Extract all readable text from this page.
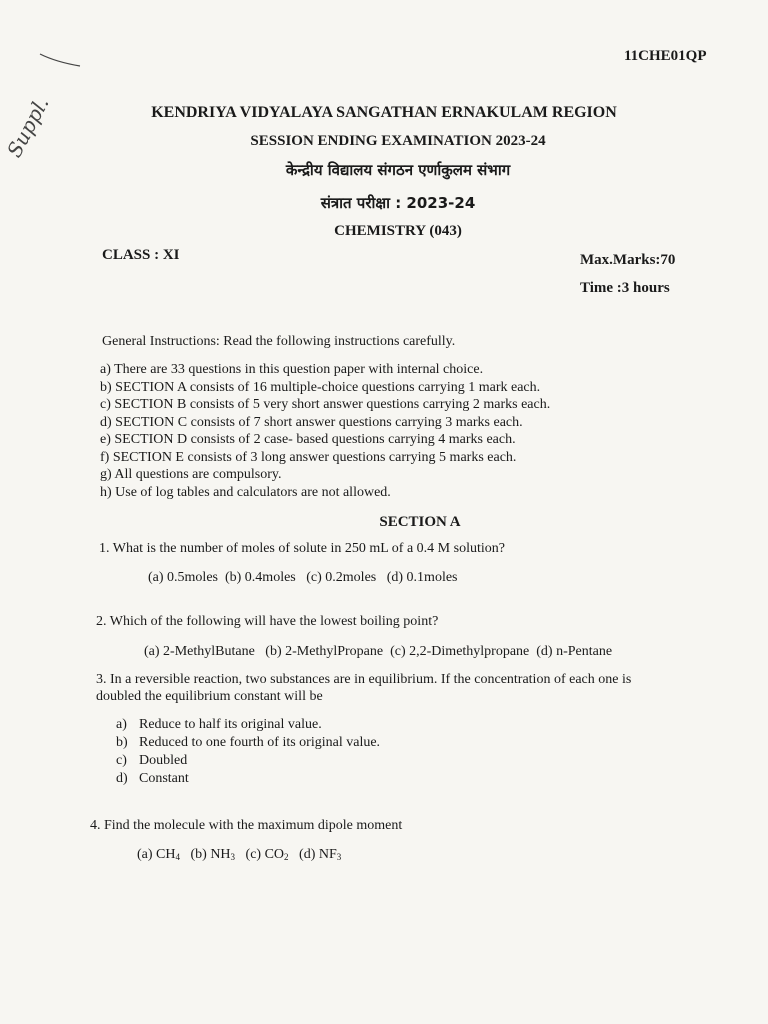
Suppl.
11CHE01QP
KENDRIYA VIDYALAYA SANGATHAN ERNAKULAM REGION
SESSION ENDING EXAMINATION 2023-24
केन्द्रीय विद्यालय संगठन एर्णाकुलम संभाग
संत्रात परीक्षा : 2023-24
CHEMISTRY (043)
CLASS : XI	Max.Marks:70
Time :3 hours
General Instructions: Read the following instructions carefully.
a) There are 33 questions in this question paper with internal choice.
b) SECTION A consists of 16 multiple-choice questions carrying 1 mark each.
c) SECTION B consists of 5 very short answer questions carrying 2 marks each.
d) SECTION C consists of 7 short answer questions carrying 3 marks each.
e) SECTION D consists of 2 case- based questions carrying 4 marks each.
f) SECTION E consists of 3 long answer questions carrying 5 marks each.
g) All questions are compulsory.
h) Use of log tables and calculators are not allowed.
SECTION A
1. What is the number of moles of solute in 250 mL of a 0.4 M solution?
(a) 0.5moles  (b) 0.4moles   (c) 0.2moles   (d) 0.1moles
2. Which of the following will have the lowest boiling point?
(a) 2-MethylButane   (b) 2-MethylPropane  (c) 2,2-Dimethylpropane  (d) n-Pentane
3. In a reversible reaction, two substances are in equilibrium. If the concentration of each one is
doubled the equilibrium constant will be
a) Reduce to half its original value.
b) Reduced to one fourth of its original value.
c) Doubled
d) Constant
4. Find the molecule with the maximum dipole moment
(a) $CH_4$ (b) $NH_3$ (c) $CO_2$ (d) $NF_3$
